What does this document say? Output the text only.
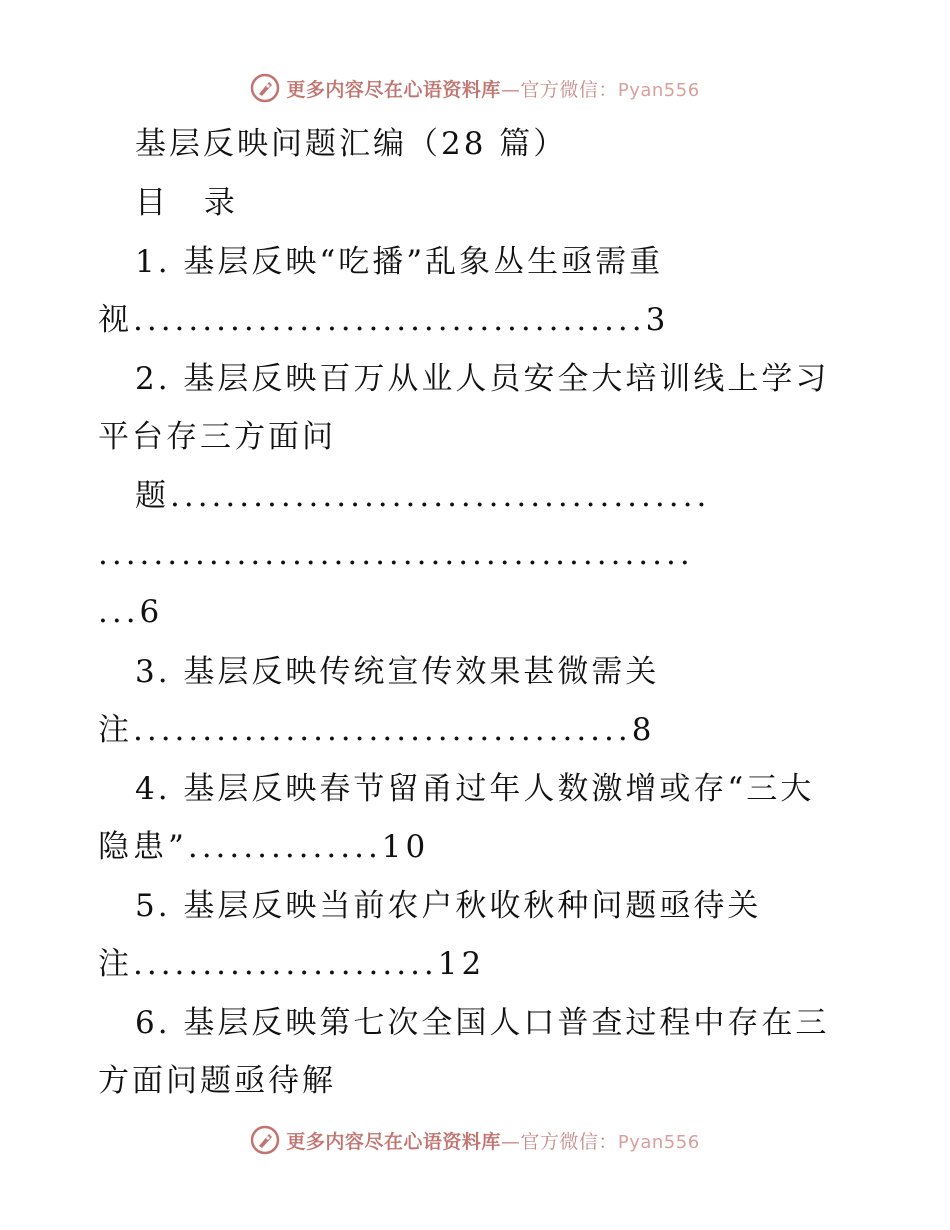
更多内容尽在心语资料库—官方微信：Pyan556
基层反映问题汇编（28 篇）
目 录
1. 基层反映“吃播”乱象丛生亟需重
视.....................................3
2. 基层反映百万从业人员安全大培训线上学习
平台存三方面问
题.......................................
...........................................
...6
3. 基层反映传统宣传效果甚微需关
注....................................8
4. 基层反映春节留甬过年人数激增或存“三大
隐患”..............10
5. 基层反映当前农户秋收秋种问题亟待关
注......................12
6. 基层反映第七次全国人口普查过程中存在三
方面问题亟待解
更多内容尽在心语资料库—官方微信：Pyan556
